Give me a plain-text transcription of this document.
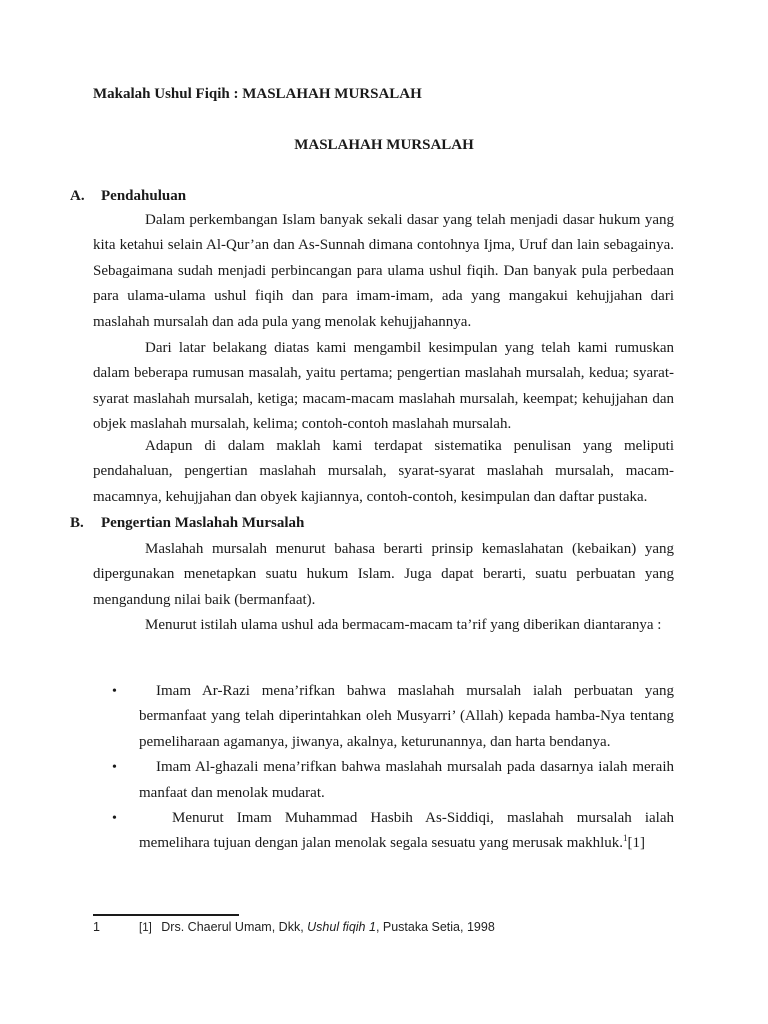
Makalah Ushul Fiqih : MASLAHAH MURSALAH
MASLAHAH MURSALAH
A. Pendahuluan

Dalam perkembangan Islam banyak sekali dasar yang telah menjadi dasar hukum yang kita ketahui selain Al-Qur’an dan As-Sunnah dimana contohnya Ijma, Uruf dan lain sebagainya. Sebagaimana sudah menjadi perbincangan para ulama ushul fiqih. Dan banyak pula perbedaan para ulama-ulama ushul fiqih dan para imam-imam, ada yang mangakui kehujjahan dari maslahah mursalah dan ada pula yang menolak kehujjahannya.

Dari latar belakang diatas kami mengambil kesimpulan yang telah kami rumuskan dalam beberapa rumusan masalah, yaitu pertama; pengertian maslahah mursalah, kedua; syarat-syarat maslahah mursalah, ketiga; macam-macam maslahah mursalah, keempat; kehujjahan dan objek maslahah mursalah, kelima; contoh-contoh maslahah mursalah.

Adapun di dalam maklah kami terdapat sistematika penulisan yang meliputi pendahaluan, pengertian maslahah mursalah, syarat-syarat maslahah mursalah, macam-macamnya, kehujjahan dan obyek kajiannya, contoh-contoh, kesimpulan dan daftar pustaka.

B. Pengertian Maslahah Mursalah

Maslahah mursalah menurut bahasa berarti prinsip kemaslahatan (kebaikan) yang dipergunakan menetapkan suatu hukum Islam. Juga dapat berarti, suatu perbuatan yang mengandung nilai baik (bermanfaat).

Menurut istilah ulama ushul ada bermacam-macam ta’rif yang diberikan diantaranya :

•	Imam Ar-Razi mena’rifkan bahwa maslahah mursalah ialah perbuatan yang bermanfaat yang telah diperintahkan oleh Musyarri’ (Allah) kepada hamba-Nya tentang pemeliharaan agamanya, jiwanya, akalnya, keturunannya, dan harta bendanya.
•	Imam Al-ghazali mena’rifkan bahwa maslahah mursalah pada dasarnya ialah meraih manfaat dan menolak mudarat.
•	Menurut Imam Muhammad Hasbih As-Siddiqi, maslahah mursalah ialah memelihara tujuan dengan jalan menolak segala sesuatu yang merusak makhluk.$^1$[1]
1	[1] Drs. Chaerul Umam, Dkk, Ushul fiqih 1, Pustaka Setia, 1998
